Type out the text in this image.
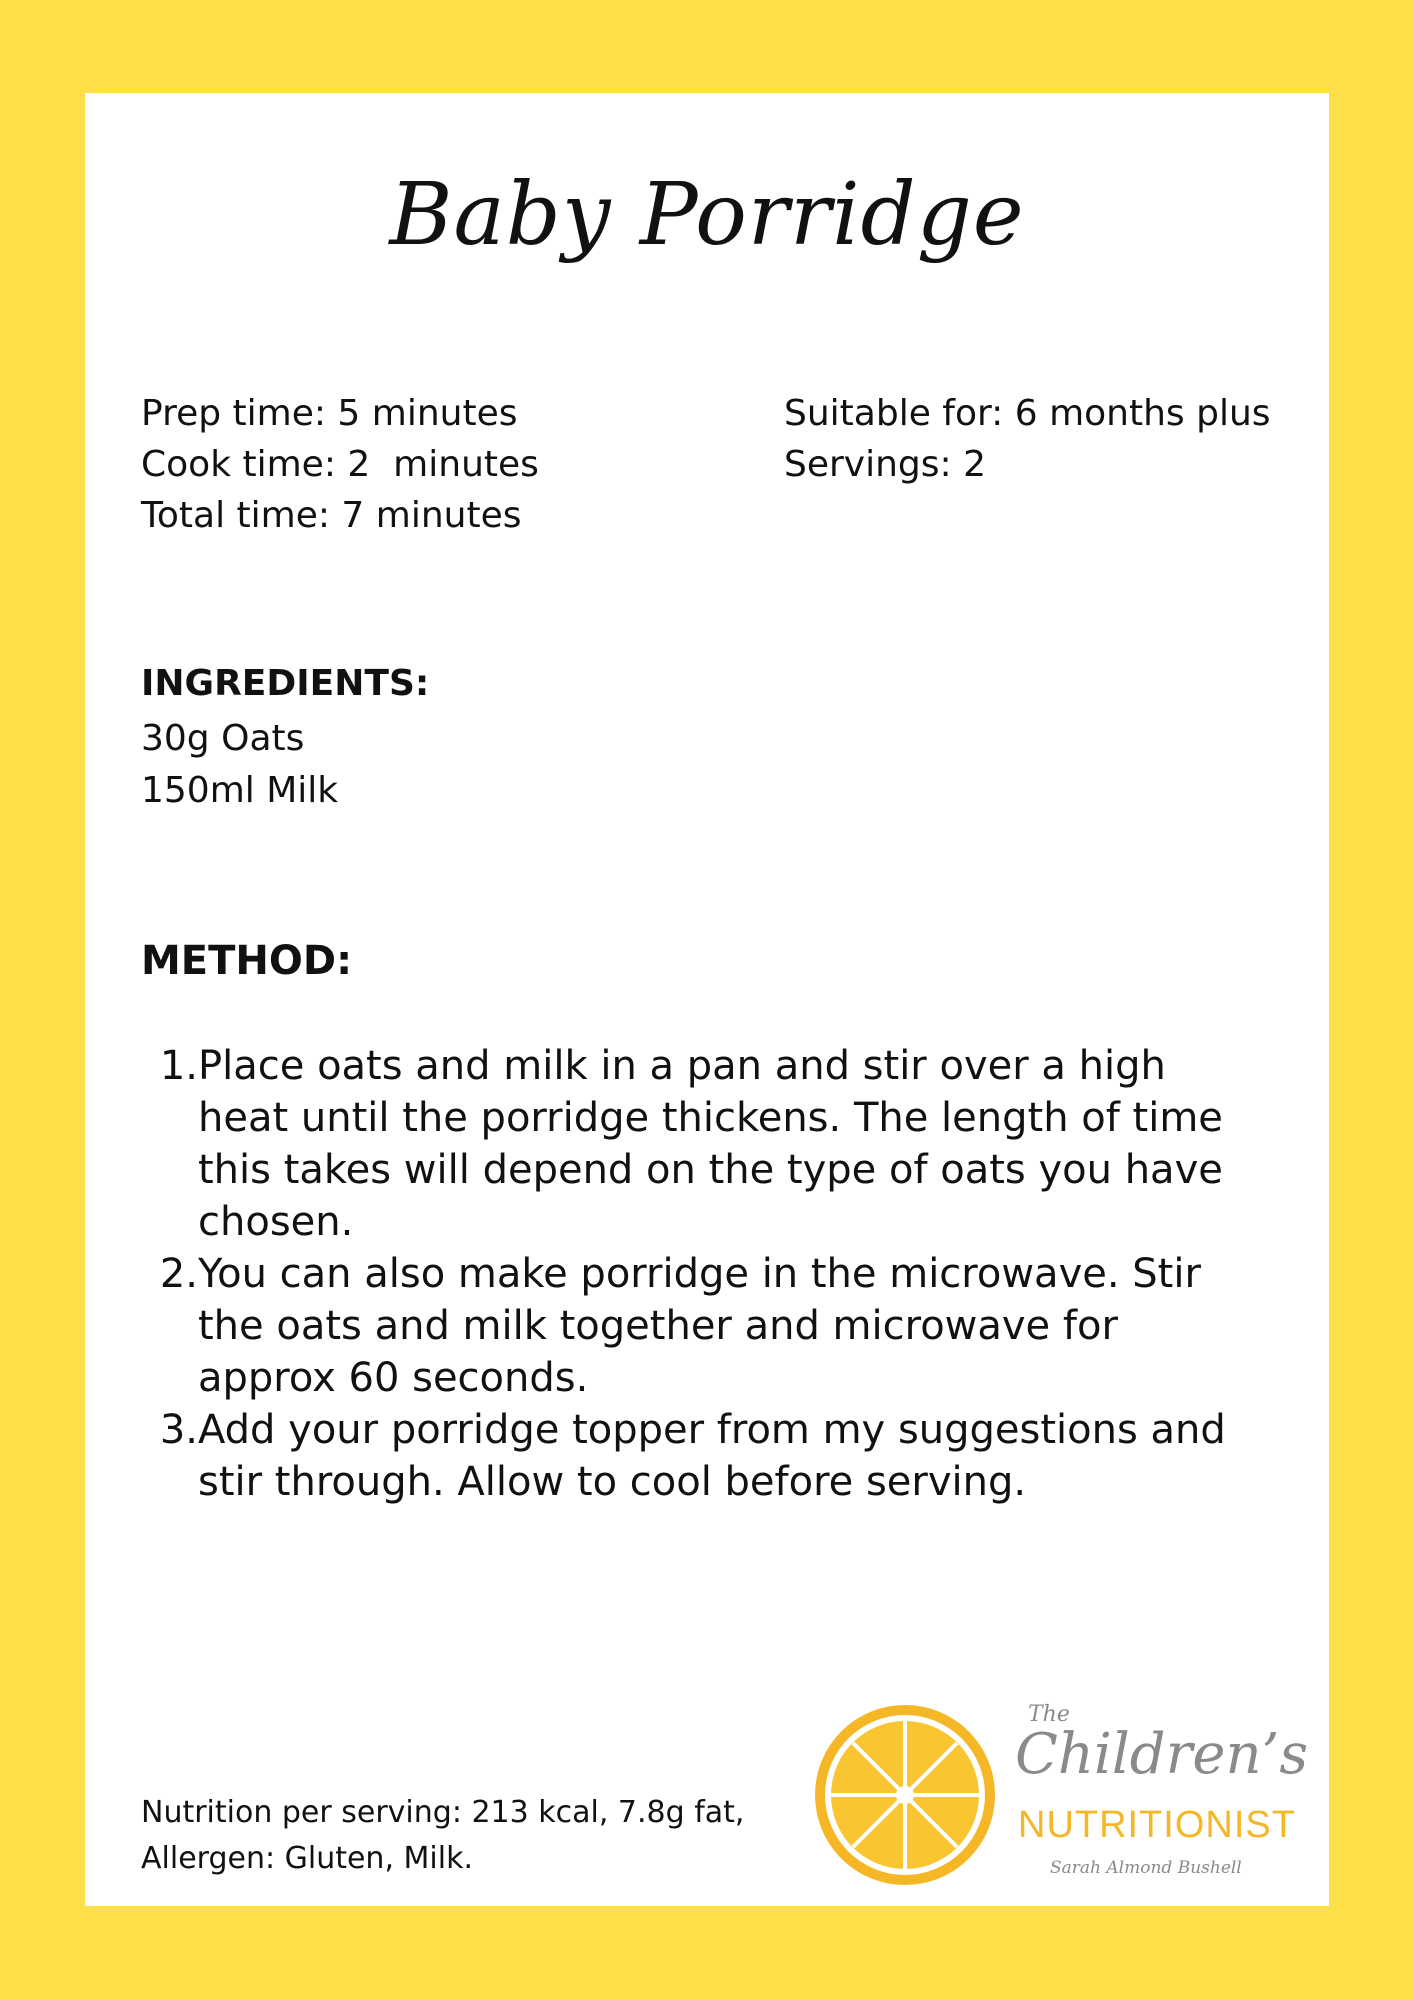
Baby Porridge
Prep time: 5 minutes
Cook time: 2  minutes
Total time: 7 minutes
Suitable for: 6 months plus
Servings: 2
INGREDIENTS:
30g Oats
150ml Milk
METHOD:
1. Place oats and milk in a pan and stir over a high heat until the porridge thickens. The length of time this takes will depend on the type of oats you have chosen.
2. You can also make porridge in the microwave. Stir the oats and milk together and microwave for approx 60 seconds.
3. Add your porridge topper from my suggestions and stir through. Allow to cool before serving.
Nutrition per serving: 213 kcal, 7.8g fat,
Allergen: Gluten, Milk.
The
Children’s
NUTRITIONIST
Sarah Almond Bushell
